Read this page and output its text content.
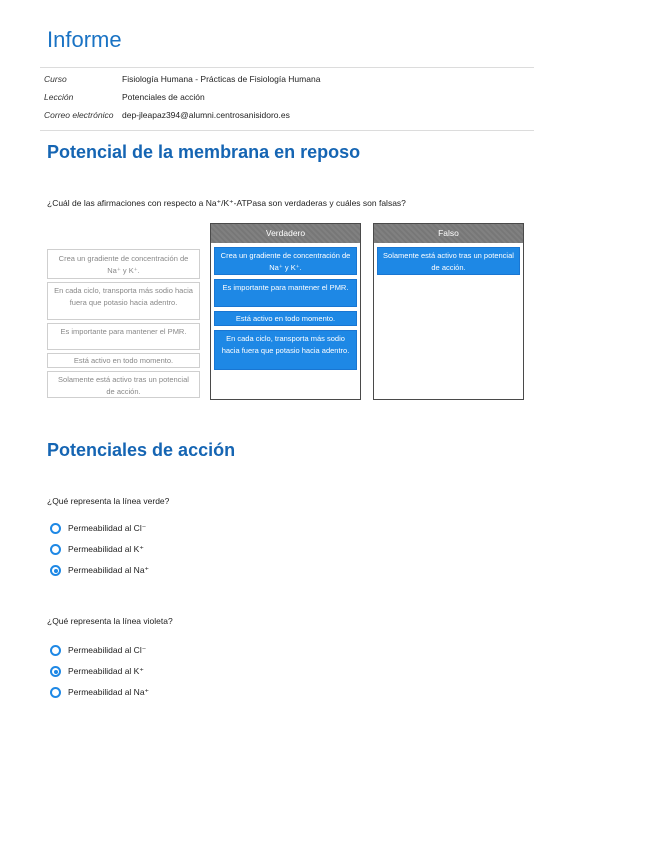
Informe
Curso	Fisiología Humana - Prácticas de Fisiología Humana
Lección	Potenciales de acción
Correo electrónico	dep-jleapaz394@alumni.centrosanisidoro.es
Potencial de la membrana en reposo
¿Cuál de las afirmaciones con respecto a Na⁺/K⁺-ATPasa son verdaderas y cuáles son falsas?
Crea un gradiente de concentración de Na⁺ y K⁺.
En cada ciclo, transporta más sodio hacia fuera que potasio hacia adentro.
Es importante para mantener el PMR.
Está activo en todo momento.
Solamente está activo tras un potencial de acción.
Verdadero
Crea un gradiente de concentración de Na⁺ y K⁺.
Es importante para mantener el PMR.
Está activo en todo momento.
En cada ciclo, transporta más sodio hacia fuera que potasio hacia adentro.
Falso
Solamente está activo tras un potencial de acción.
Potenciales de acción
¿Qué representa la línea verde?
Permeabilidad al Cl⁻
Permeabilidad al K⁺
Permeabilidad al Na⁺
¿Qué representa la línea violeta?
Permeabilidad al Cl⁻
Permeabilidad al K⁺
Permeabilidad al Na⁺
